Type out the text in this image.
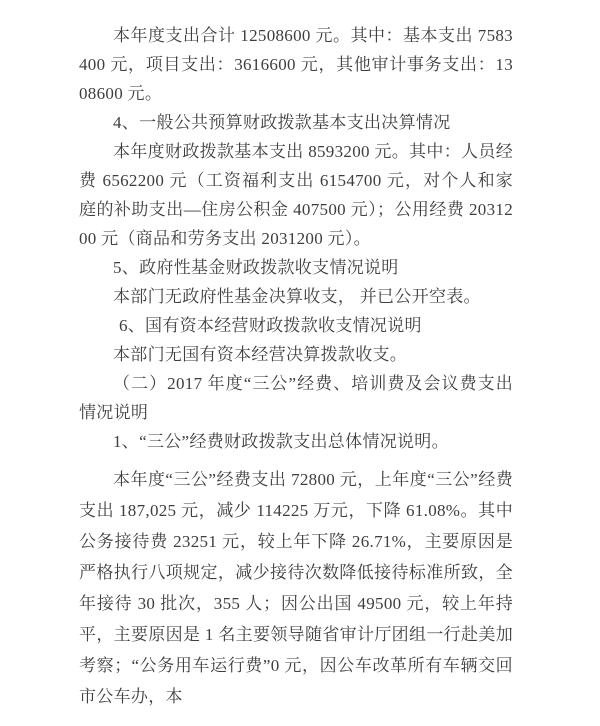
本年度支出合计 12508600 元。其中：基本支出 7583400 元，项目支出：3616600 元，其他审计事务支出：1308600 元。

4、一般公共预算财政拨款基本支出决算情况

本年度财政拨款基本支出 8593200 元。其中：人员经费 6562200 元（工资福利支出 6154700 元，对个人和家庭的补助支出—住房公积金 407500 元）；公用经费 2031200 元（商品和劳务支出 2031200 元）。

5、政府性基金财政拨款收支情况说明

本部门无政府性基金决算收支， 并已公开空表。

6、国有资本经营财政拨款收支情况说明

本部门无国有资本经营决算拨款收支。

（二）2017 年度“三公”经费、培训费及会议费支出情况说明

1、“三公”经费财政拨款支出总体情况说明。

本年度“三公”经费支出 72800 元，上年度“三公”经费支出 187,025 元，减少 114225 万元，下降 61.08%。其中公务接待费 23251 元，较上年下降 26.71%，主要原因是严格执行八项规定，减少接待次数降低接待标准所致，全年接待 30 批次，355 人；因公出国 49500 元，较上年持平，主要原因是 1 名主要领导随省审计厅团组一行赴美加考察；“公务用车运行费”0 元，因公车改革所有车辆交回市公车办，本
